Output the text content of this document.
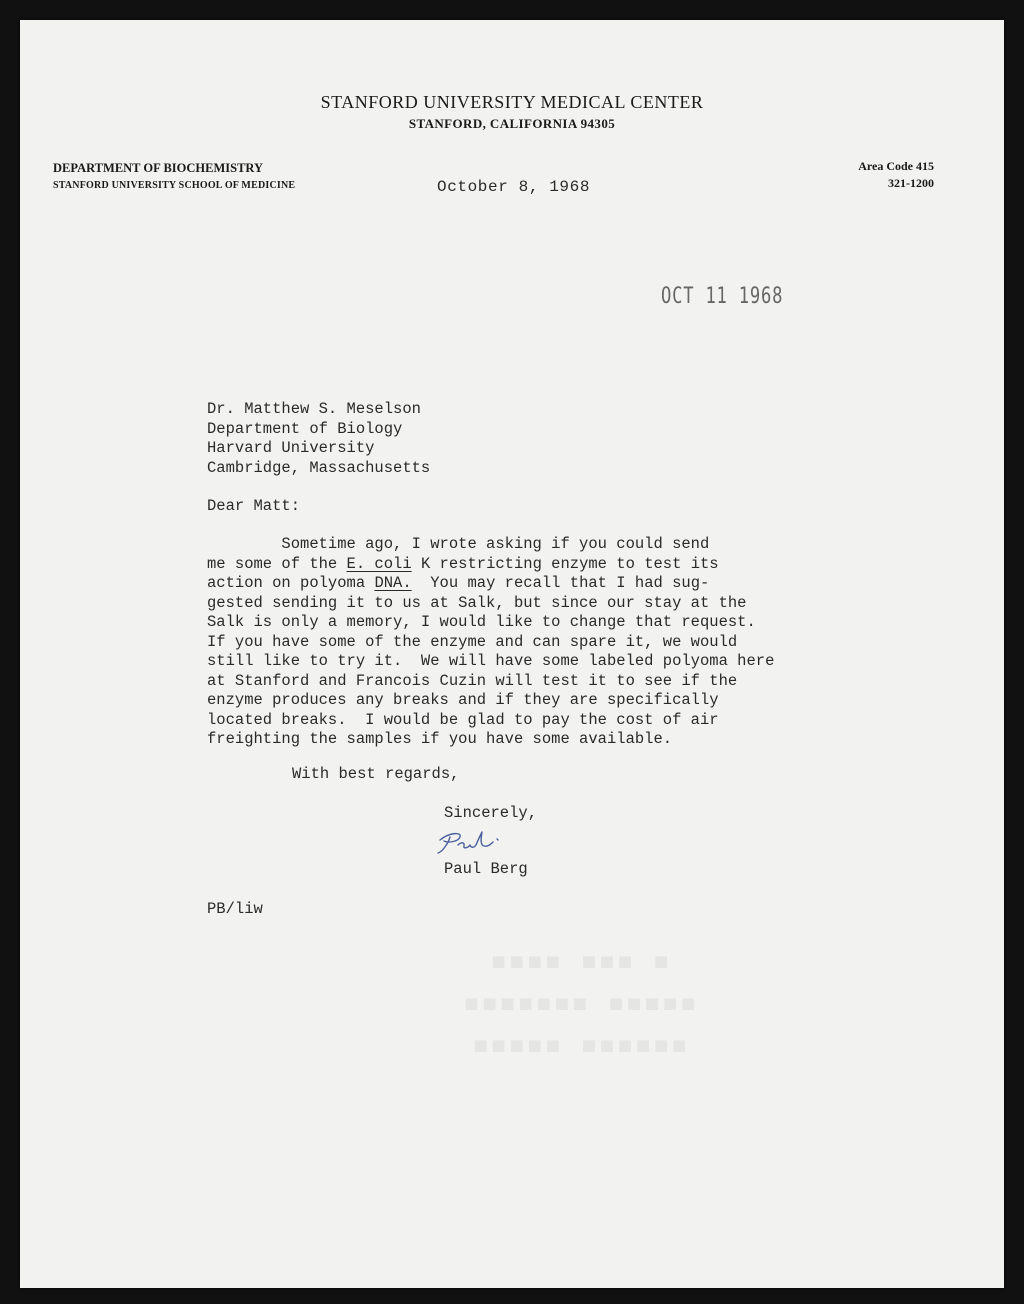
STANFORD UNIVERSITY MEDICAL CENTER
STANFORD, CALIFORNIA 94305
DEPARTMENT OF BIOCHEMISTRY
STANFORD UNIVERSITY SCHOOL OF MEDICINE
Area Code 415
321-1200
October 8, 1968
OCT 11 1968
Dr. Matthew S. Meselson
Department of Biology
Harvard University
Cambridge, Massachusetts
Dear Matt:
Sometime ago, I wrote asking if you could send
me some of the E. coli K restricting enzyme to test its
action on polyoma DNA.  You may recall that I had sug-
gested sending it to us at Salk, but since our stay at the
Salk is only a memory, I would like to change that request.
If you have some of the enzyme and can spare it, we would
still like to try it.  We will have some labeled polyoma here
at Stanford and Francois Cuzin will test it to see if the
enzyme produces any breaks and if they are specifically
located breaks.  I would be glad to pay the cost of air
freighting the samples if you have some available.
With best regards,
Sincerely,
Paul Berg
PB/liw
▪ ▪▪▪ ▪▪▪▪
▪▪▪▪▪ ▪▪▪▪▪▪▪
▪▪▪▪▪▪ ▪▪▪▪▪
